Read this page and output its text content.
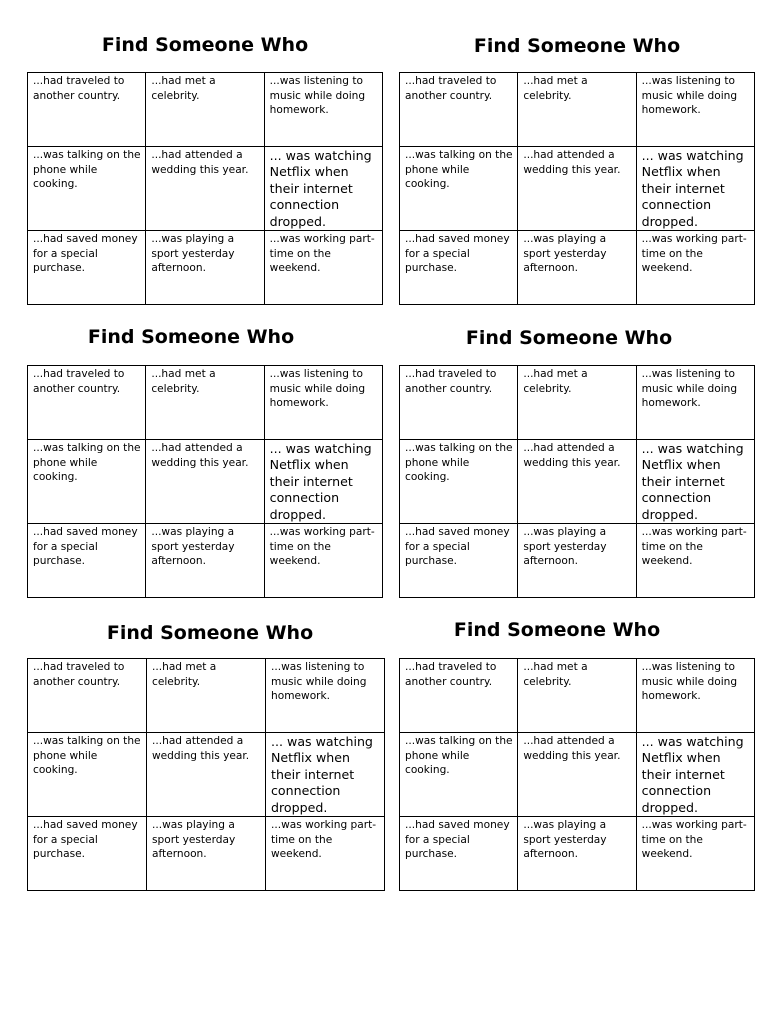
Find Someone Who
...had traveled to another country.	...had met a celebrity.	...was listening to music while doing homework.
...was talking on the phone while cooking.	...had attended a wedding this year.	... was watching Netflix when their internet connection dropped.
...had saved money for a special purchase.	...was playing a sport yesterday afternoon.	...was working part-time on the weekend.
Find Someone Who
...had traveled to another country.	...had met a celebrity.	...was listening to music while doing homework.
...was talking on the phone while cooking.	...had attended a wedding this year.	... was watching Netflix when their internet connection dropped.
...had saved money for a special purchase.	...was playing a sport yesterday afternoon.	...was working part-time on the weekend.
Find Someone Who
...had traveled to another country.	...had met a celebrity.	...was listening to music while doing homework.
...was talking on the phone while cooking.	...had attended a wedding this year.	... was watching Netflix when their internet connection dropped.
...had saved money for a special purchase.	...was playing a sport yesterday afternoon.	...was working part-time on the weekend.
Find Someone Who
...had traveled to another country.	...had met a celebrity.	...was listening to music while doing homework.
...was talking on the phone while cooking.	...had attended a wedding this year.	... was watching Netflix when their internet connection dropped.
...had saved money for a special purchase.	...was playing a sport yesterday afternoon.	...was working part-time on the weekend.
Find Someone Who
...had traveled to another country.	...had met a celebrity.	...was listening to music while doing homework.
...was talking on the phone while cooking.	...had attended a wedding this year.	... was watching Netflix when their internet connection dropped.
...had saved money for a special purchase.	...was playing a sport yesterday afternoon.	...was working part-time on the weekend.
Find Someone Who
...had traveled to another country.	...had met a celebrity.	...was listening to music while doing homework.
...was talking on the phone while cooking.	...had attended a wedding this year.	... was watching Netflix when their internet connection dropped.
...had saved money for a special purchase.	...was playing a sport yesterday afternoon.	...was working part-time on the weekend.
